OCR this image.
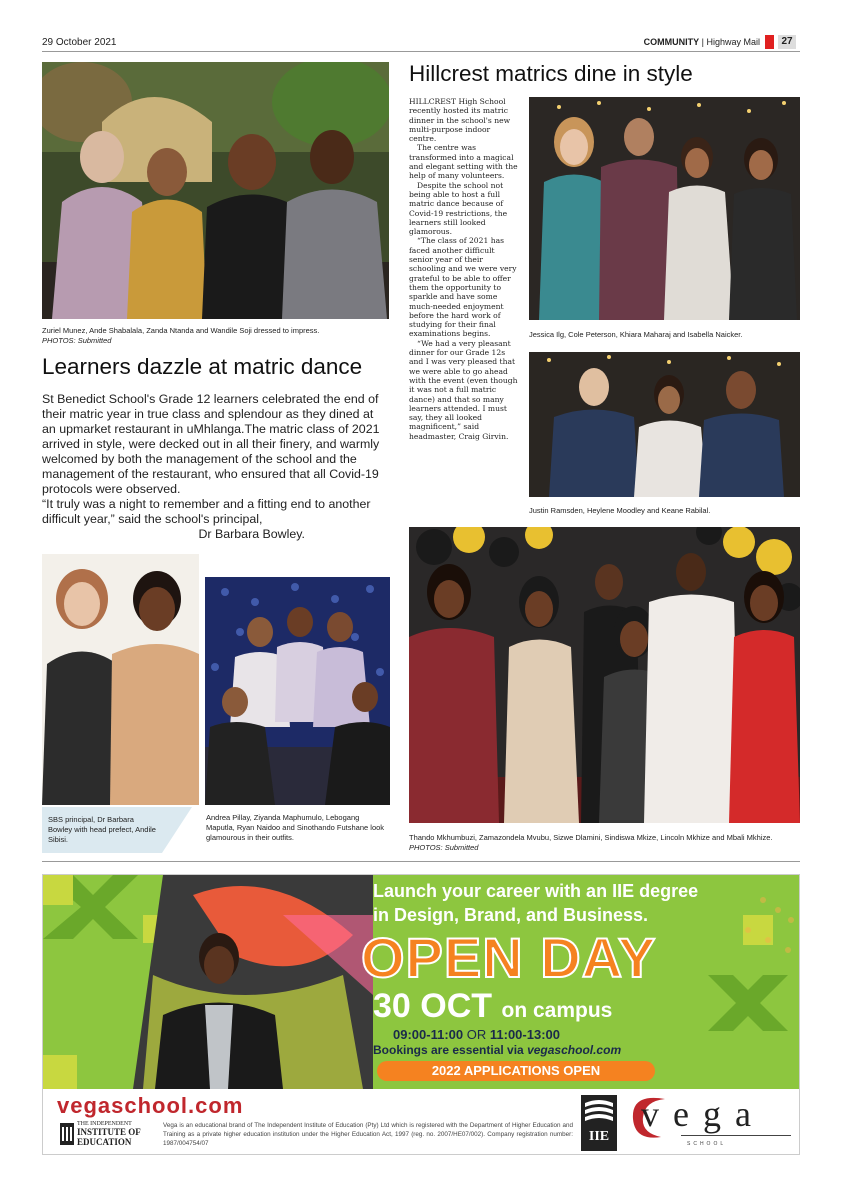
29 October 2021	COMMUNITY | Highway Mail	27
Zuriel Munez, Ande Shabalala, Zanda Ntanda and Wandile Soji dressed to impress.
PHOTOS: Submitted
Learners dazzle at matric dance

St Benedict School's Grade 12 learners celebrated the end of their matric year in true class and splendour as they dined at an upmarket restaurant in uMhlanga.The matric class of 2021 arrived in style, were decked out in all their finery, and warmly welcomed by both the management of the school and the management of the restaurant, who ensured that all Covid-19 protocols were observed.

“It truly was a night to remember and a fitting end to another difficult year,” said the school's principal,

Dr Barbara Bowley.

SBS principal, Dr Barbara Bowley with head prefect, Andile Sibisi.
Andrea Pillay, Ziyanda Maphumulo, Lebogang Maputla, Ryan Naidoo and Sinothando Futshane look glamourous in their outfits.
Hillcrest matrics dine in style

HILLCREST High School recently hosted its matric dinner in the school's new multi-purpose indoor centre.

The centre was transformed into a magical and elegant setting with the help of many volunteers.

Despite the school not being able to host a full matric dance because of Covid-19 restrictions, the learners still looked glamorous.

“The class of 2021 has faced another difficult senior year of their schooling and we were very grateful to be able to offer them the opportunity to sparkle and have some much-needed enjoyment before the hard work of studying for their final examinations begins.

“We had a very pleasant dinner for our Grade 12s and I was very pleased that we were able to go ahead with the event (even though it was not a full matric dance) and that so many learners attended. I must say, they all looked magnificent,” said headmaster, Craig Girvin.

Jessica Ilg, Cole Peterson, Khiara Maharaj and Isabella Naicker.
Justin Ramsden, Heylene Moodley and Keane Rabilal.
Thando Mkhumbuzi, Zamazondela Mvubu, Sizwe Dlamini, Sindiswa Mkize, Lincoln Mkhize and Mbali Mkhize. PHOTOS: Submitted
Launch your career with an IIE degree
in Design, Brand, and Business.
OPEN DAY
30 OCT on campus
09:00-11:00 OR 11:00-13:00
Bookings are essential via vegaschool.com
2022 APPLICATIONS OPEN
vegaschool.com
THE INDEPENDENT
INSTITUTE OF
EDUCATION
Vega is an educational brand of The Independent Institute of Education (Pty) Ltd which is registered with the Department of Higher Education and Training as a private higher education institution under the Higher Education Act, 1997 (reg. no. 2007/HE07/002). Company registration number: 1987/004754/07	IIE
vega
SCHOOL
